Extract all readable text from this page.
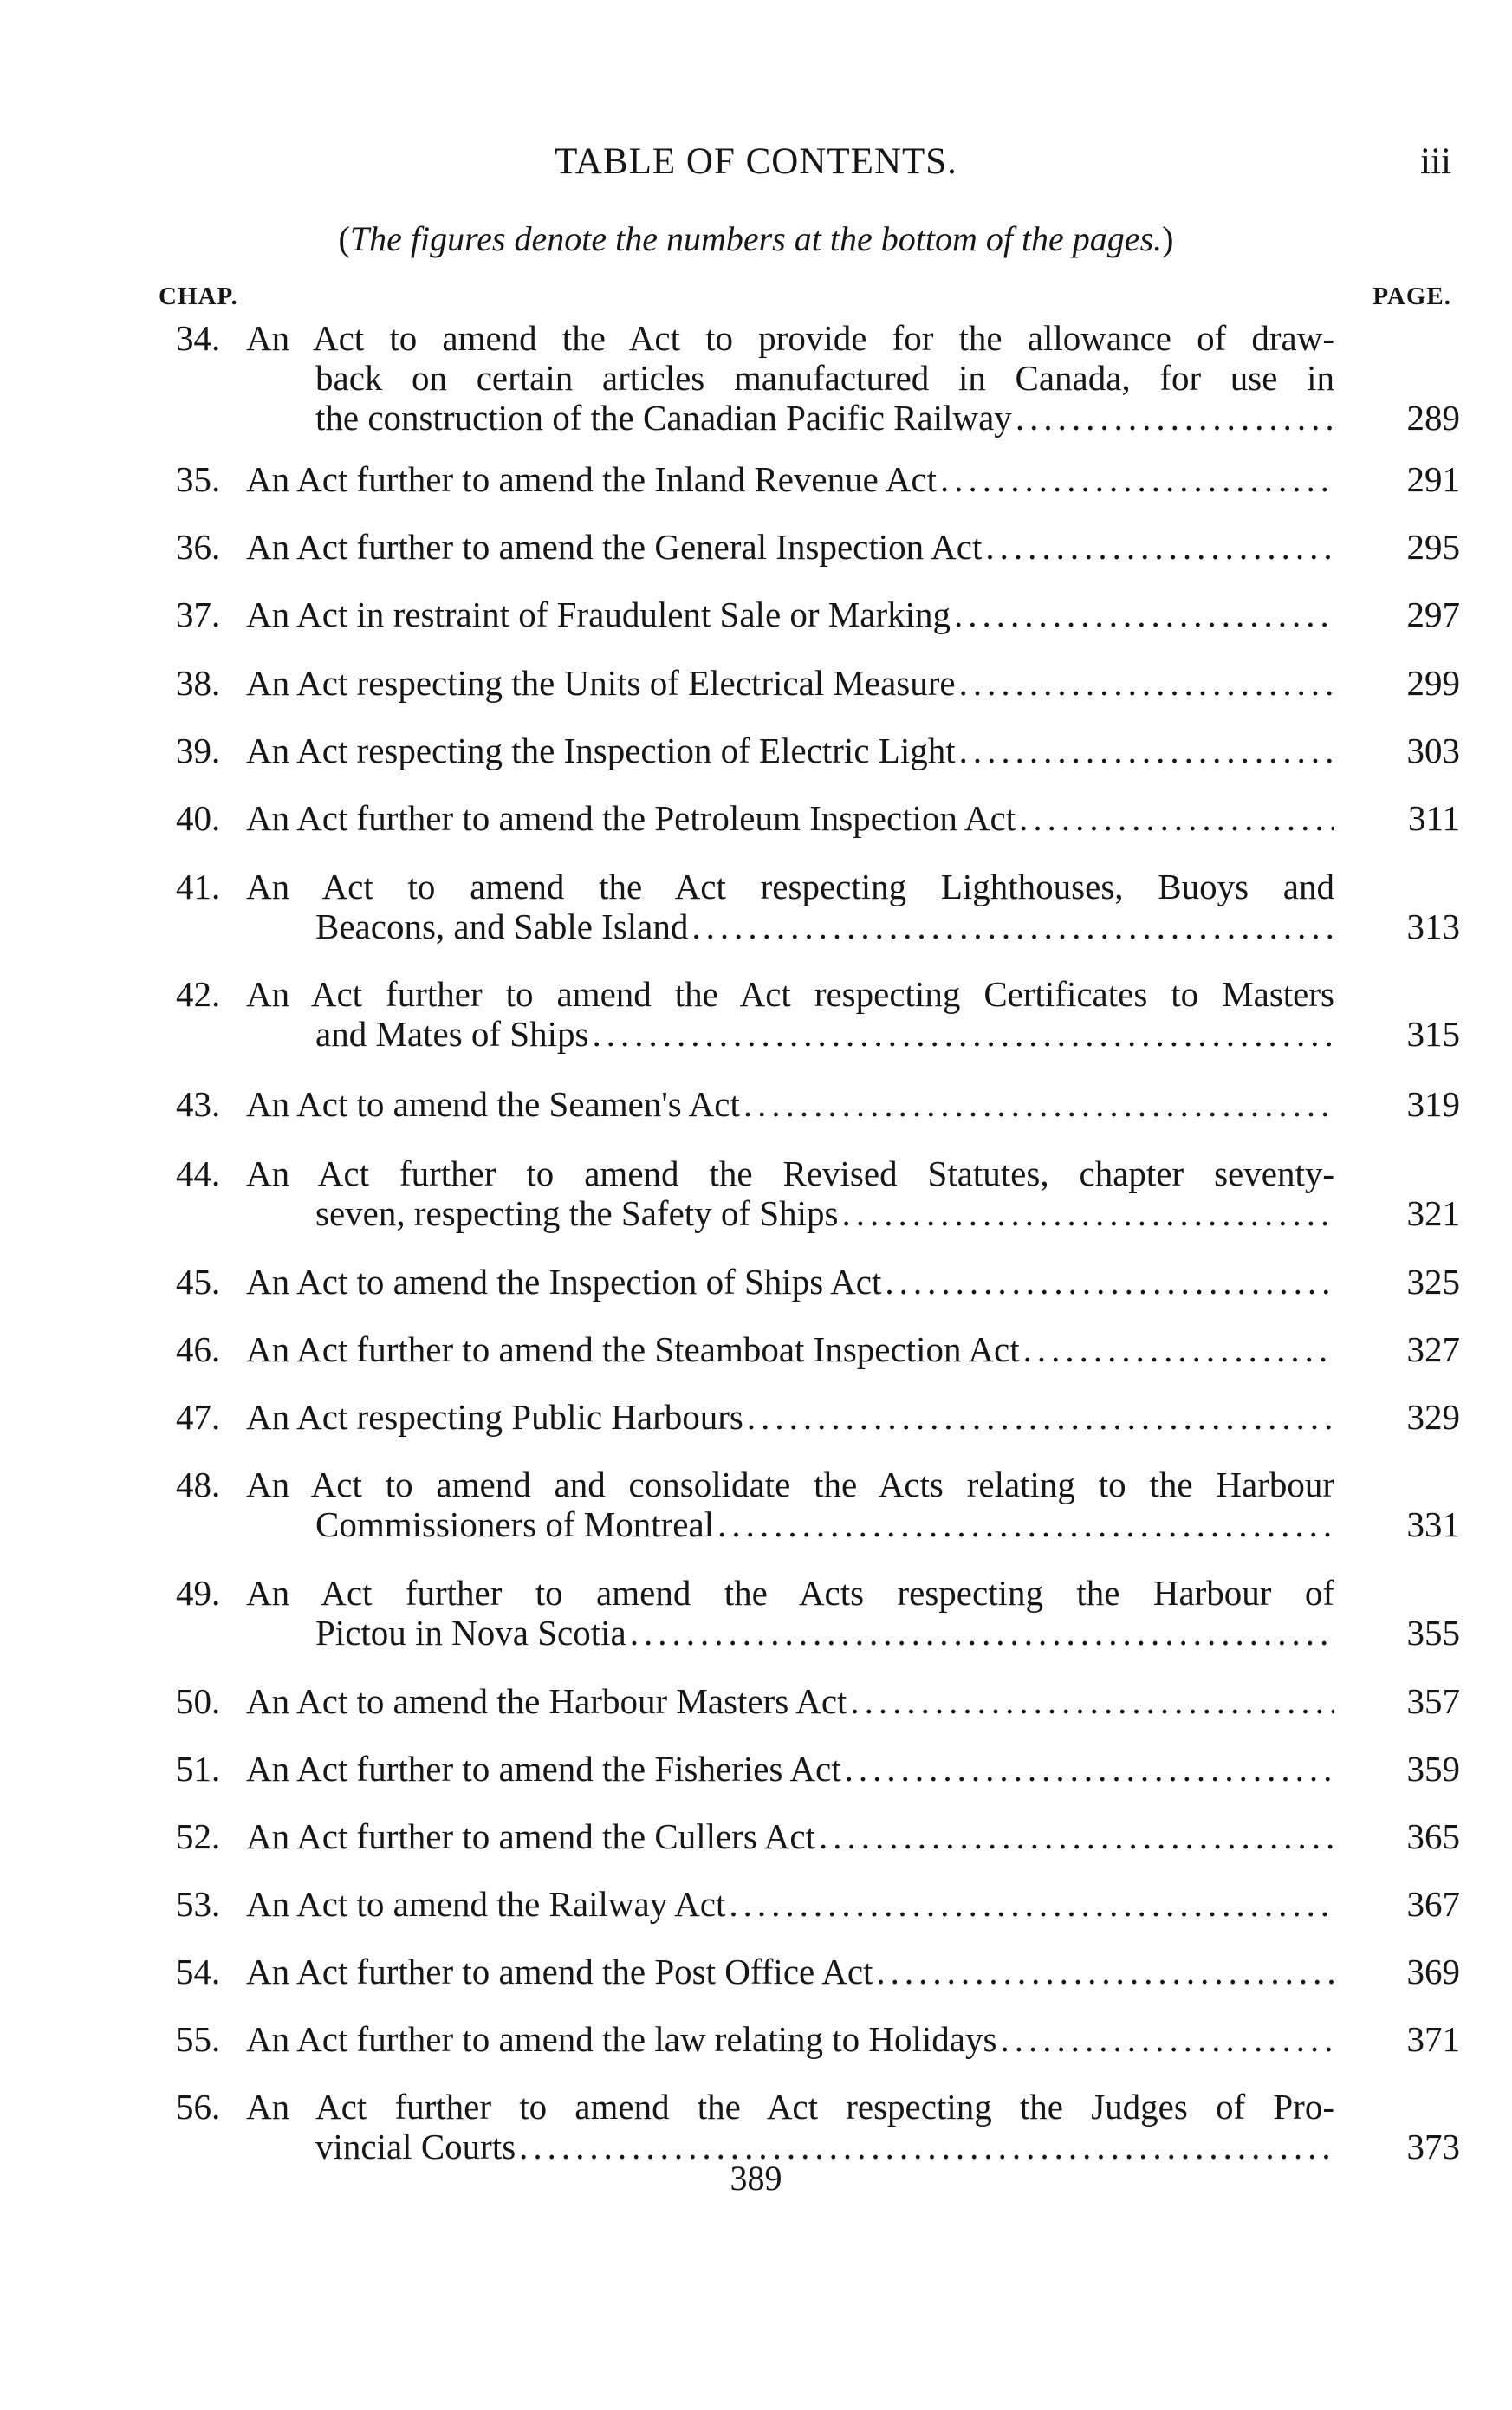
TABLE OF CONTENTS.	iii
(The figures denote the numbers at the bottom of the pages.)
CHAP.	PAGE.
34. An Act to amend the Act to provide for the allowance of draw-
back on certain articles manufactured in Canada, for use in
the construction of the Canadian Pacific Railway .....	289
35. An Act further to amend the Inland Revenue Act .....	291
36. An Act further to amend the General Inspection Act .....	295
37. An Act in restraint of Fraudulent Sale or Marking .....	297
38. An Act respecting the Units of Electrical Measure .....	299
39. An Act respecting the Inspection of Electric Light .....	303
40. An Act further to amend the Petroleum Inspection Act .....	311
41. An Act to amend the Act respecting Lighthouses, Buoys and
Beacons, and Sable Island .....	313
42. An Act further to amend the Act respecting Certificates to Masters
and Mates of Ships .....	315
43. An Act to amend the Seamen's Act .....	319
44. An Act further to amend the Revised Statutes, chapter seventy-
seven, respecting the Safety of Ships .....	321
45. An Act to amend the Inspection of Ships Act .....	325
46. An Act further to amend the Steamboat Inspection Act .....	327
47. An Act respecting Public Harbours .....	329
48. An Act to amend and consolidate the Acts relating to the Harbour
Commissioners of Montreal .....	331
49. An Act further to amend the Acts respecting the Harbour of
Pictou in Nova Scotia .....	355
50. An Act to amend the Harbour Masters Act .....	357
51. An Act further to amend the Fisheries Act .....	359
52. An Act further to amend the Cullers Act .....	365
53. An Act to amend the Railway Act .....	367
54. An Act further to amend the Post Office Act .....	369
55. An Act further to amend the law relating to Holidays .....	371
56. An Act further to amend the Act respecting the Judges of Pro-
vincial Courts .....	373
389
